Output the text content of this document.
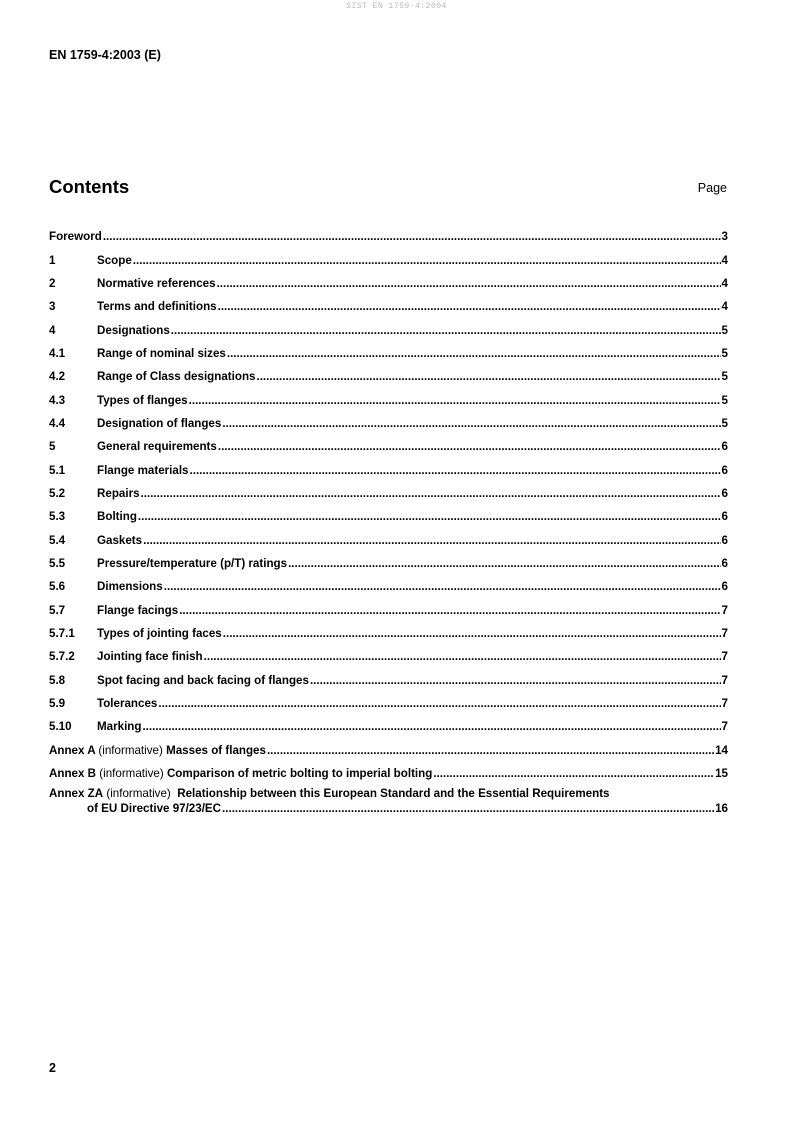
SIST EN 1759-4:2004
EN 1759-4:2003 (E)
Contents	Page
Foreword .....	3
1	Scope .....	4
2	Normative references .....	4
3	Terms and definitions .....	4
4	Designations .....	5
4.1	Range of nominal sizes .....	5
4.2	Range of Class designations .....	5
4.3	Types of flanges .....	5
4.4	Designation of flanges .....	5
5	General requirements .....	6
5.1	Flange materials .....	6
5.2	Repairs .....	6
5.3	Bolting .....	6
5.4	Gaskets .....	6
5.5	Pressure/temperature (p/T) ratings .....	6
5.6	Dimensions .....	6
5.7	Flange facings .....	7
5.7.1	Types of jointing faces .....	7
5.7.2	Jointing face finish .....	7
5.8	Spot facing and back facing of flanges .....	7
5.9	Tolerances .....	7
5.10	Marking .....	7
Annex A (informative) Masses of flanges .....	14
Annex B (informative) Comparison of metric bolting to imperial bolting .....	15
Annex ZA
(informative)
Relationship between this European Standard and the Essential Requirements
of EU Directive 97/23/EC .....	16
2
